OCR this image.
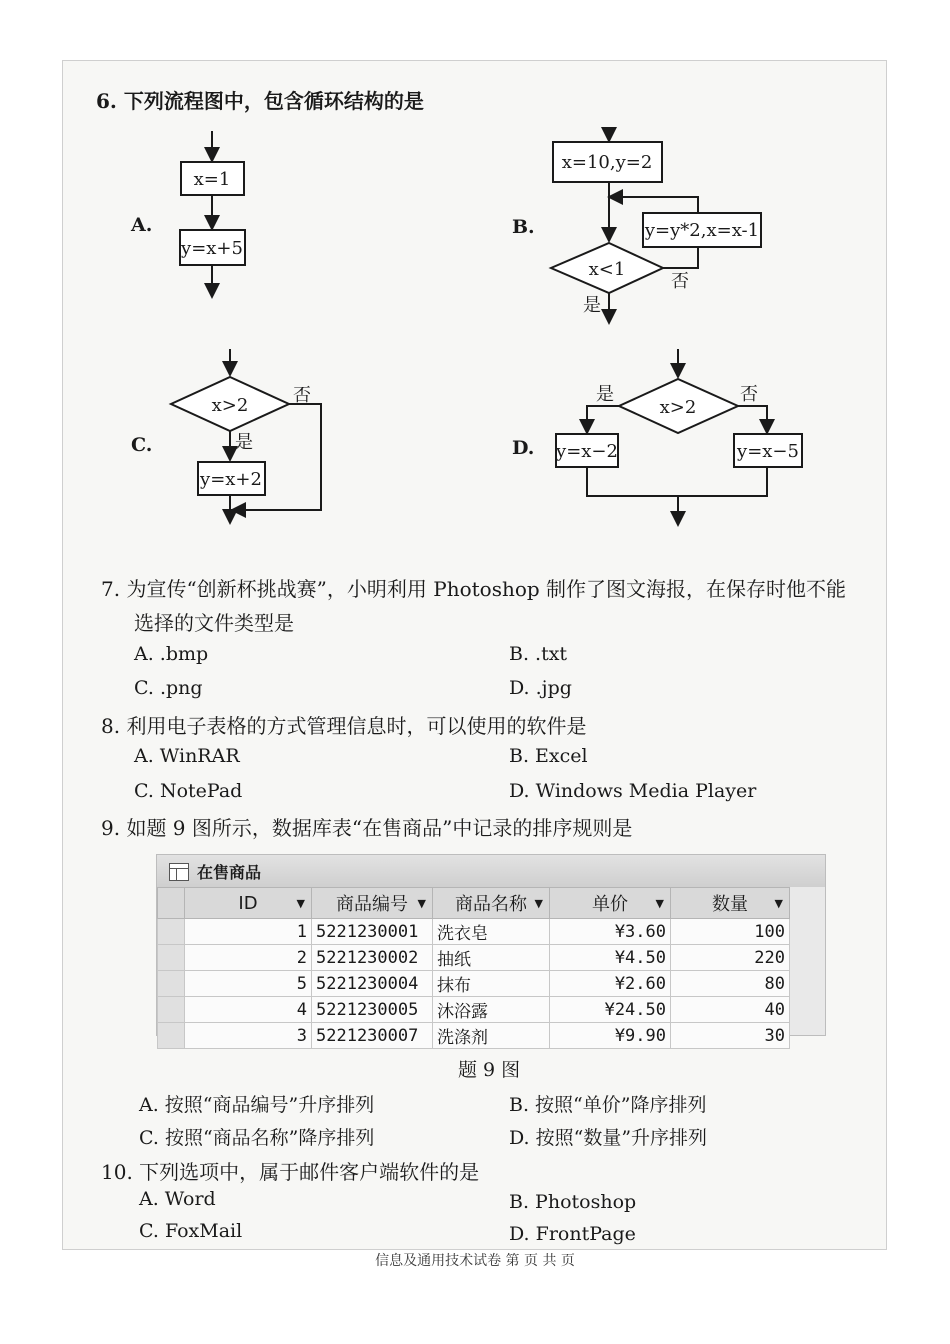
6. 下列流程图中，包含循环结构的是
A.
x=1
y=x+5
B.
x=10,y=2
y=y*2,x=x-1
x<1
否
是
C.
x>2 否
是
y=x+2
D.
x>2
是	否
y=x−2	y=x−5
7. 为宣传“创新杯挑战赛”，小明利用 Photoshop 制作了图文海报，在保存时他不能
选择的文件类型是
A. .bmp	B. .txt
C. .png	D. .jpg
8. 利用电子表格的方式管理信息时，可以使用的软件是
A. WinRAR	B. Excel
C. NotePad	D. Windows Media Player
9. 如题 9 图所示，数据库表“在售商品”中记录的排序规则是
在售商品
	ID ▼	商品编号 ▼	商品名称 ▼	单价 ▼	数量 ▼

	1	5221230001	洗衣皂	¥3.60	100
	2	5221230002	抽纸	¥4.50	220
	5	5221230004	抹布	¥2.60	80
	4	5221230005	沐浴露	¥24.50	40
	3	5221230007	洗涤剂	¥9.90	30
题 9 图
A. 按照“商品编号”升序排列	B. 按照“单价”降序排列
C. 按照“商品名称”降序排列	D. 按照“数量”升序排列
10. 下列选项中，属于邮件客户端软件的是
A. Word	B. Photoshop
C. FoxMail	D. FrontPage
信息及通用技术试卷 第 页 共 页
